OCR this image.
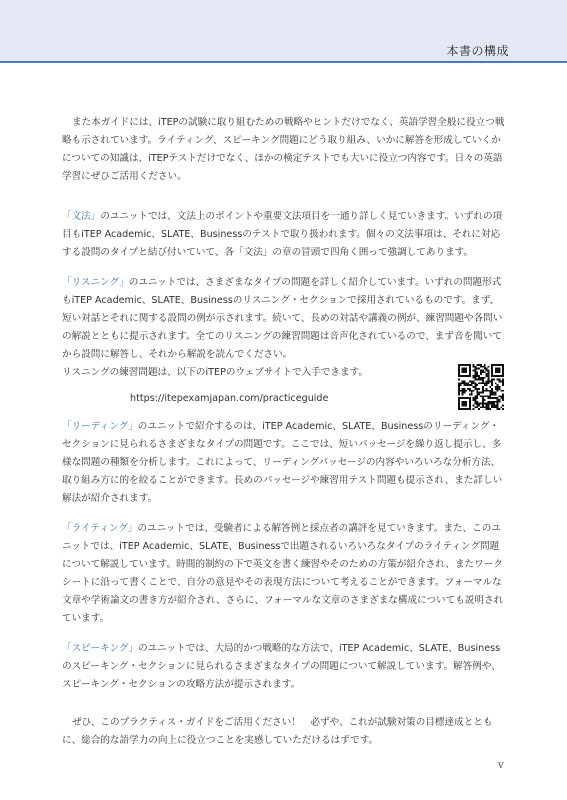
本書の構成

また本ガイドには、iTEPの試験に取り組むための戦略やヒントだけでなく、英語学習全般に役立つ戦略も示されています。ライティング、スピーキング問題にどう取り組み、いかに解答を形成していくかについての知識は、iTEPテストだけでなく、ほかの検定テストでも大いに役立つ内容です。日々の英語学習にぜひご活用ください。

「文法」のユニットでは、文法上のポイントや重要文法項目を一通り詳しく見ていきます。いずれの項目もiTEP Academic、SLATE、Businessのテストで取り扱われます。個々の文法事項は、それに対応する設問のタイプと結び付いていて、各「文法」の章の冒頭で四角く囲って強調してあります。

「リスニング」のユニットでは、さまざまなタイプの問題を詳しく紹介しています。いずれの問題形式もiTEP Academic、SLATE、Businessのリスニング・セクションで採用されているものです。まず、短い対話とそれに関する設問の例が示されます。続いて、長めの対話や講義の例が、練習問題や各問いの解説とともに提示されます。全てのリスニングの練習問題は音声化されているので、まず音を聞いてから設問に解答し、それから解説を読んでください。

リスニングの練習問題は、以下のiTEPのウェブサイトで入手できます。

https://itepexamjapan.com/practiceguide

「リーディング」のユニットで紹介するのは、iTEP Academic、SLATE、Businessのリーディング・セクションに見られるさまざまなタイプの問題です。ここでは、短いパッセージを繰り返し提示し、多様な問題の種類を分析します。これによって、リーディングパッセージの内容やいろいろな分析方法、取り組み方に的を絞ることができます。長めのパッセージや練習用テスト問題も提示され、また詳しい解法が紹介されます。

「ライティング」のユニットでは、受験者による解答例と採点者の講評を見ていきます。また、このユニットでは、iTEP Academic、SLATE、Businessで出題されるいろいろなタイプのライティング問題について解説しています。時間的制約の下で英文を書く練習やそのための方策が紹介され、またワークシートに沿って書くことで、自分の意見やその表現方法について考えることができます。フォーマルな文章や学術論文の書き方が紹介され、さらに、フォーマルな文章のさまざまな構成についても説明されています。

「スピーキング」のユニットでは、大局的かつ戦略的な方法で、iTEP Academic、SLATE、Businessのスピーキング・セクションに見られるさまざまなタイプの問題について解説しています。解答例や、スピーキング・セクションの攻略方法が提示されます。

ぜひ、このプラクティス・ガイドをご活用ください！　必ずや、これが試験対策の目標達成とともに、総合的な語学力の向上に役立つことを実感していただけるはずです。

v
